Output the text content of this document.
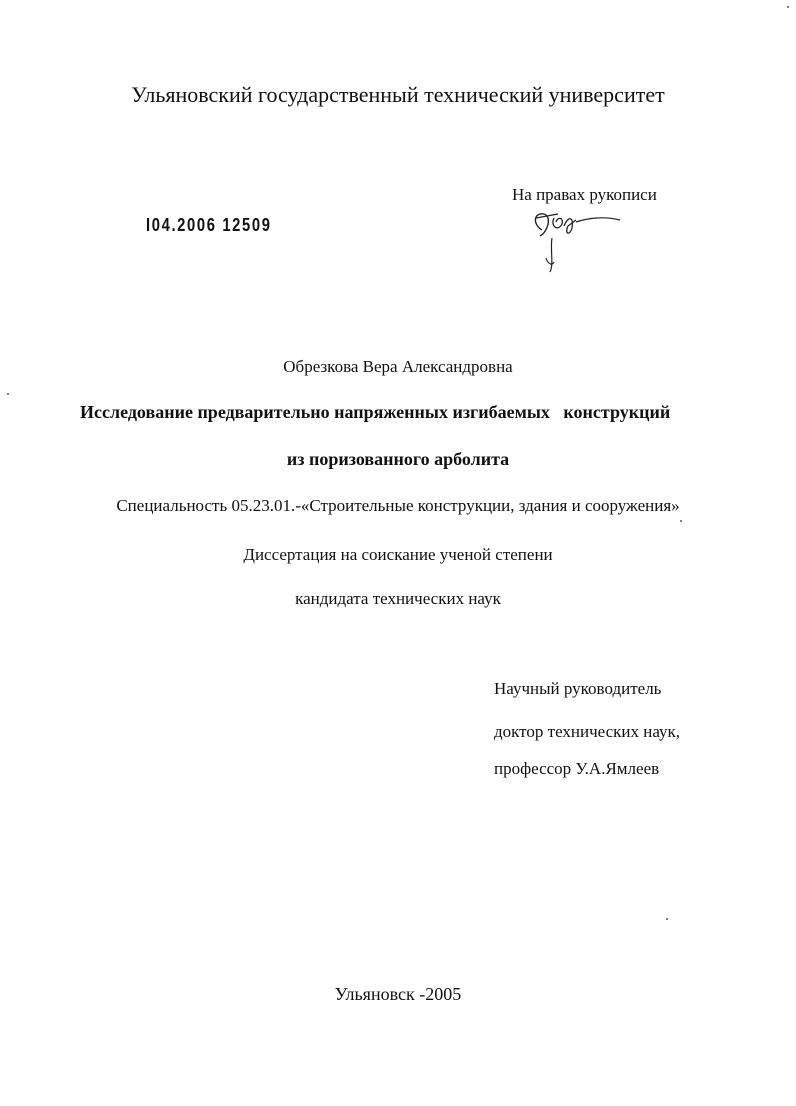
Ульяновский государственный технический университет
На правах рукописи
I04.2006 12509
Обрезкова Вера Александровна
Исследование предварительно напряженных изгибаемых   конструкций
из поризованного арболита
Специальность 05.23.01.-«Строительные конструкции, здания и сооружения»
Диссертация на соискание ученой степени
кандидата технических наук
Научный руководитель
доктор технических наук,
профессор У.А.Ямлеев
Ульяновск -2005
